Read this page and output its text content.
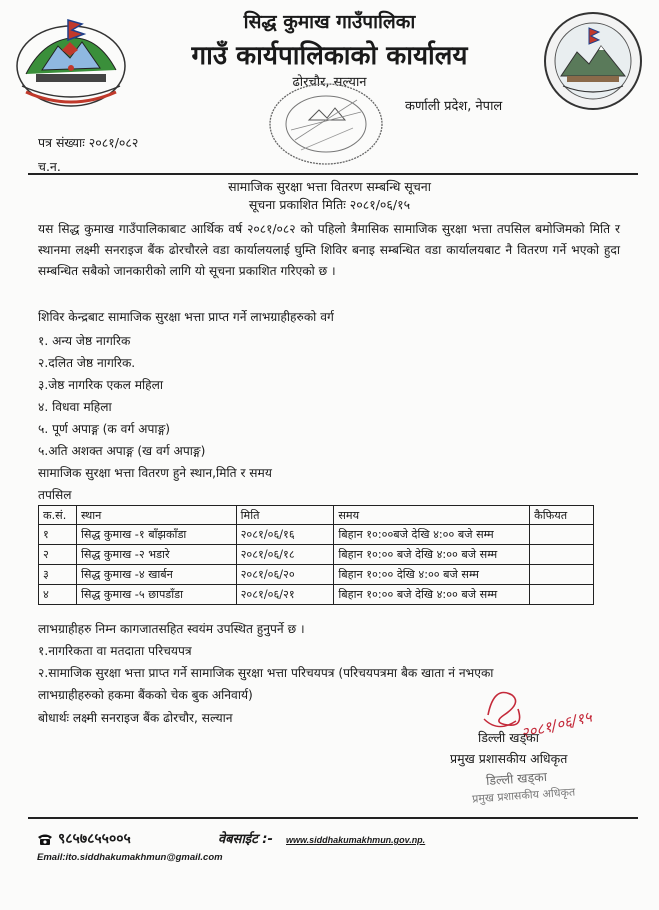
सिद्ध कुमाख गाउँपालिका
गाउँ कार्यपालिकाको कार्यालय
ढोरचौर, सल्यान
कर्णाली प्रदेश, नेपाल
पत्र संख्याः २०८१/०८२
च.न.
सामाजिक सुरक्षा भत्ता वितरण सम्बन्धि सूचना
सूचना प्रकाशित मितिः २०८१/०६/१५
यस सिद्ध कुमाख गाउँपालिकाबाट आर्थिक वर्ष २०८१/०८२ को पहिलो त्रैमासिक सामाजिक सुरक्षा भत्ता तपसिल बमोजिमको मिति र स्थानमा लक्ष्मी सनराइज बैंक ढोरचौरले वडा कार्यालयलाई घुम्ति शिविर बनाइ सम्बन्धित वडा कार्यालयबाट नै वितरण गर्ने भएको हुदा सम्बन्धित सबैको जानकारीको लागि यो सूचना प्रकाशित गरिएको छ ।
शिविर केन्द्रबाट सामाजिक सुरक्षा भत्ता प्राप्त गर्ने लाभग्राहीहरुको वर्ग
१. अन्य जेष्ठ नागरिक
२.दलित जेष्ठ नागरिक.
३.जेष्ठ नागरिक एकल महिला
४. विधवा महिला
५. पूर्ण अपाङ्ग (क वर्ग अपाङ्ग)
५.अति अशक्त अपाङ्ग (ख वर्ग अपाङ्ग)
सामाजिक सुरक्षा भत्ता वितरण हुने स्थान,मिति र समय
तपसिल
क.सं.	स्थान	मिति	समय	कैफियत
१	सिद्ध कुमाख -१ बाँझकाँडा	२०८१/०६/१६	बिहान १०:००बजे देखि ४:०० बजे सम्म	
२	सिद्ध कुमाख -२ भडारे	२०८१/०६/१८	बिहान १०:०० बजे देखि ४:०० बजे सम्म	
३	सिद्ध कुमाख -४ खार्बन	२०८१/०६/२०	बिहान १०:०० देखि ४:०० बजे सम्म	
४	सिद्ध कुमाख -५ छापडाँडा	२०८१/०६/२१	बिहान १०:०० बजे देखि ४:०० बजे सम्म	
लाभग्राहीहरु निम्न कागजातसहित स्वयंम उपस्थित हुनुपर्ने छ ।
१.नागरिकता वा मतदाता परिचयपत्र
२.सामाजिक सुरक्षा भत्ता प्राप्त गर्ने सामाजिक सुरक्षा भत्ता परिचयपत्र (परिचयपत्रमा बैक खाता नं नभएका
लाभग्राहीहरुको हकमा बैंकको चेक बुक अनिवार्य)
बोधार्थः लक्ष्मी सनराइज बैंक ढोरचौर, सल्यान	२०८१/०६/१५
डिल्ली खड्का
प्रमुख प्रशासकीय अधिकृत
डिल्ली खड्का
प्रमुख प्रशासकीय अधिकृत
९८५७८५५००५	वेबसाईट :- www.siddhakumakhmun.gov.np.
Email:ito.siddhakumakhmun@gmail.com
